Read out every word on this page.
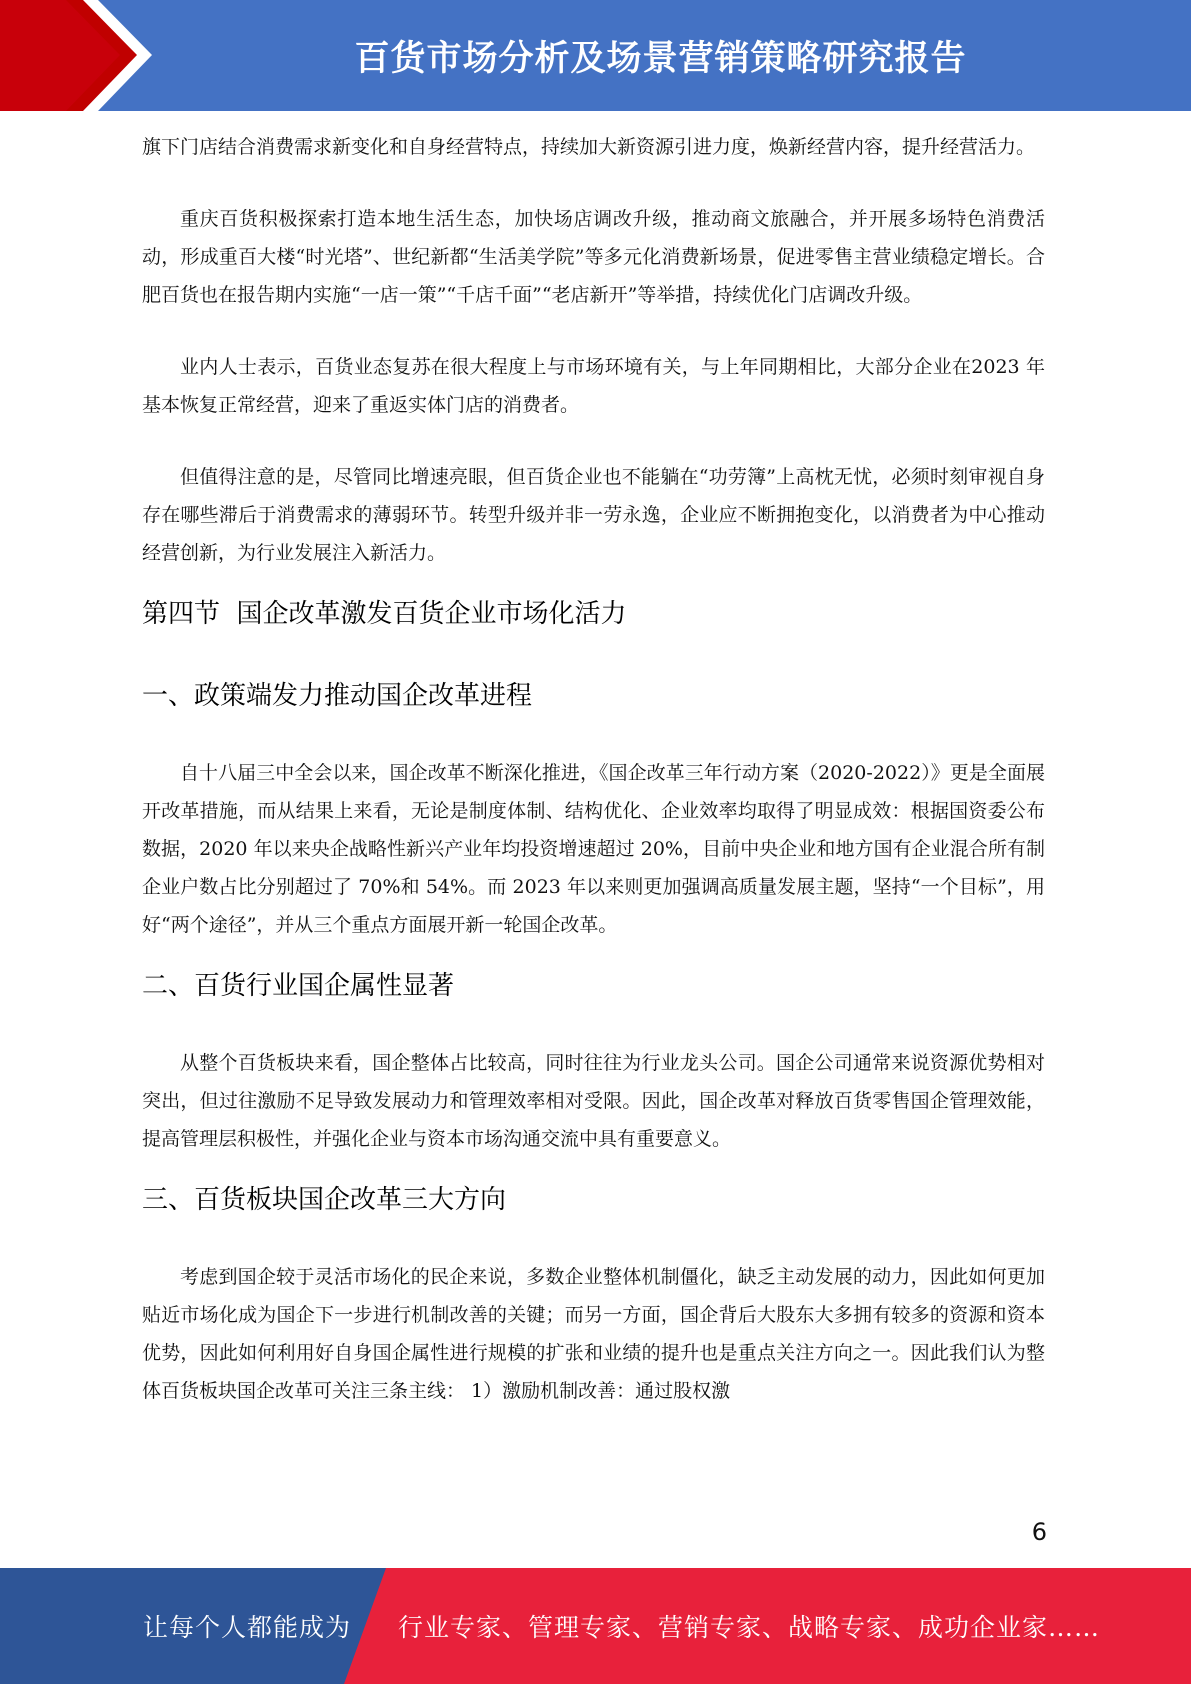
百货市场分析及场景营销策略研究报告

旗下门店结合消费需求新变化和自身经营特点，持续加大新资源引进力度，焕新经营内容，提升经营活力。

重庆百货积极探索打造本地生活生态，加快场店调改升级，推动商文旅融合，并开展多场特色消费活动，形成重百大楼“时光塔”、世纪新都“生活美学院”等多元化消费新场景，促进零售主营业绩稳定增长。合肥百货也在报告期内实施“一店一策”“千店千面”“老店新开”等举措，持续优化门店调改升级。

业内人士表示，百货业态复苏在很大程度上与市场环境有关，与上年同期相比，大部分企业在2023 年基本恢复正常经营，迎来了重返实体门店的消费者。

但值得注意的是，尽管同比增速亮眼，但百货企业也不能躺在“功劳簿”上高枕无忧，必须时刻审视自身存在哪些滞后于消费需求的薄弱环节。转型升级并非一劳永逸，企业应不断拥抱变化，以消费者为中心推动经营创新，为行业发展注入新活力。

第四节  国企改革激发百货企业市场化活力
一、政策端发力推动国企改革进程

自十八届三中全会以来，国企改革不断深化推进，《国企改革三年行动方案（2020-2022）》更是全面展开改革措施，而从结果上来看，无论是制度体制、结构优化、企业效率均取得了明显成效：根据国资委公布数据，2020 年以来央企战略性新兴产业年均投资增速超过 20%，目前中央企业和地方国有企业混合所有制企业户数占比分别超过了 70%和 54%。而 2023 年以来则更加强调高质量发展主题，坚持“一个目标”，用好“两个途径”，并从三个重点方面展开新一轮国企改革。

二、百货行业国企属性显著

从整个百货板块来看，国企整体占比较高，同时往往为行业龙头公司。国企公司通常来说资源优势相对突出，但过往激励不足导致发展动力和管理效率相对受限。因此，国企改革对释放百货零售国企管理效能，提高管理层积极性，并强化企业与资本市场沟通交流中具有重要意义。

三、百货板块国企改革三大方向

考虑到国企较于灵活市场化的民企来说，多数企业整体机制僵化，缺乏主动发展的动力，因此如何更加贴近市场化成为国企下一步进行机制改善的关键；而另一方面，国企背后大股东大多拥有较多的资源和资本优势，因此如何利用好自身国企属性进行规模的扩张和业绩的提升也是重点关注方向之一。因此我们认为整体百货板块国企改革可关注三条主线： 1）激励机制改善：通过股权激

6
让每个人都能成为 行业专家、管理专家、营销专家、战略专家、成功企业家……
